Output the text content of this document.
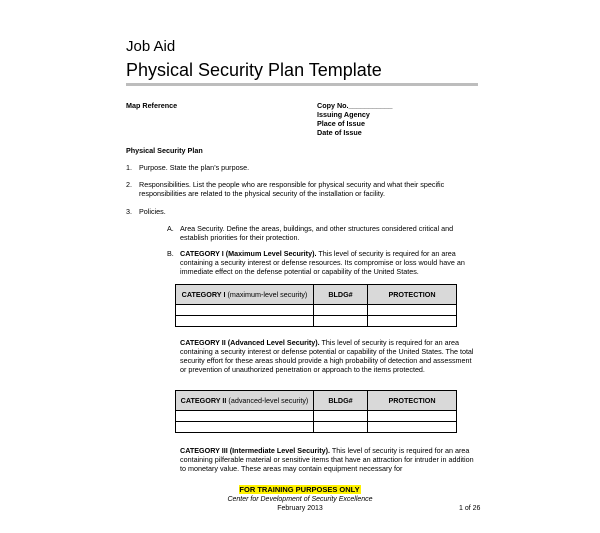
Job Aid
Physical Security Plan Template
Map Reference	Copy No.___________
Issuing Agency
Place of Issue
Date of Issue
Physical Security Plan
1. Purpose. State the plan’s purpose.
2. Responsibilities. List the people who are responsible for physical security and what their specific responsibilities are related to the physical security of the installation or facility.
3. Policies.
A. Area Security. Define the areas, buildings, and other structures considered critical and establish priorities for their protection.
B. CATEGORY I (Maximum Level Security). This level of security is required for an area containing a security interest or defense resources. Its compromise or loss would have an immediate effect on the defense potential or capability of the United States.
CATEGORY I (maximum-level security)	BLDG#	PROTECTION

CATEGORY II (Advanced Level Security). This level of security is required for an area containing a security interest or defense potential or capability of the United States. The total security effort for these areas should provide a high probability of detection and assessment or prevention of unauthorized penetration or approach to the items protected.
CATEGORY II (advanced-level security)	BLDG#	PROTECTION

CATEGORY III (Intermediate Level Security). This level of security is required for an area containing pilferable material or sensitive items that have an attraction for intruder in addition to monetary value. These areas may contain equipment necessary for
FOR TRAINING PURPOSES ONLY
Center for Development of Security Excellence
February 2013	1 of 26
